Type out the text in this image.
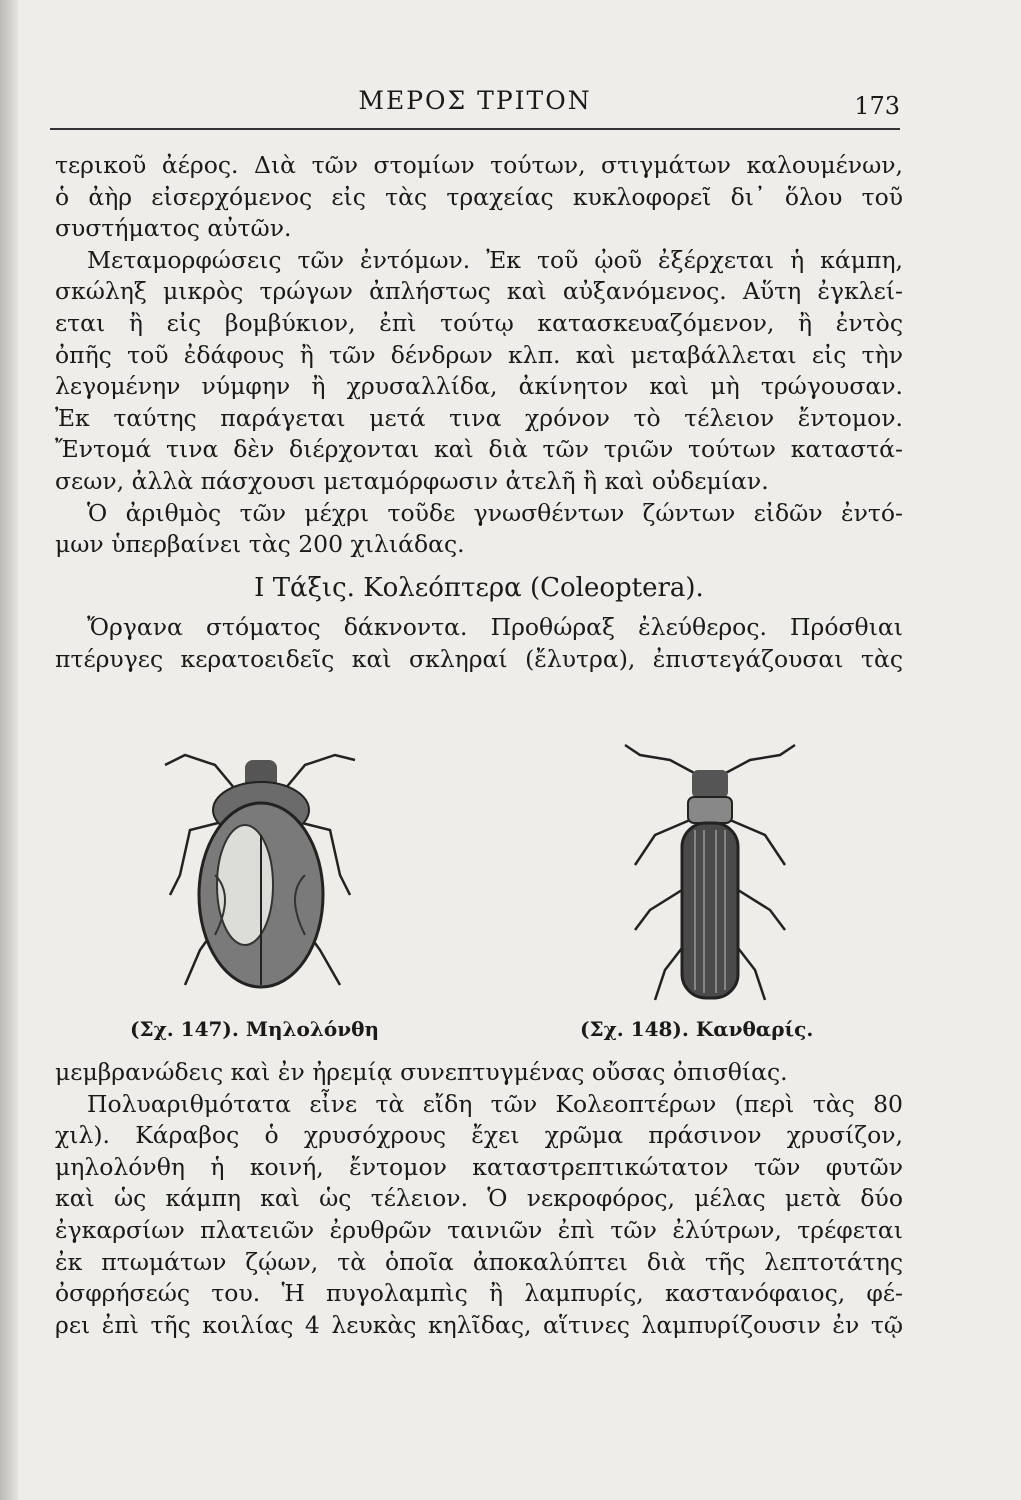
ΜΕΡΟΣ ΤΡΙΤΟΝ	173
τερικοῦ ἀέρος. Διὰ τῶν στομίων τούτων, στιγμάτων καλουμένων,
ὁ ἀὴρ εἰσερχόμενος εἰς τὰς τραχείας κυκλοφορεῖ δι᾽ ὅλου τοῦ
συστήματος αὐτῶν.
Μεταμορφώσεις τῶν ἐντόμων. Ἐκ τοῦ ᾠοῦ ἐξέρχεται ἡ κάμπη,
σκώληξ μικρὸς τρώγων ἀπλήστως καὶ αὐξανόμενος. Αὕτη ἐγκλεί-
εται ἢ εἰς βομβύκιον, ἐπὶ τούτῳ κατασκευαζόμενον, ἢ ἐντὸς
ὀπῆς τοῦ ἐδάφους ἢ τῶν δένδρων κλπ. καὶ μεταβάλλεται εἰς τὴν
λεγομένην νύμφην ἢ χρυσαλλίδα, ἀκίνητον καὶ μὴ τρώγουσαν.
Ἐκ ταύτης παράγεται μετά τινα χρόνον τὸ τέλειον ἔντομον.
Ἔντομά τινα δὲν διέρχονται καὶ διὰ τῶν τριῶν τούτων καταστά-
σεων, ἀλλὰ πάσχουσι μεταμόρφωσιν ἀτελῆ ἢ καὶ οὐδεμίαν.
Ὁ ἀριθμὸς τῶν μέχρι τοῦδε γνωσθέντων ζώντων εἰδῶν ἐντό-
μων ὑπερβαίνει τὰς 200 χιλιάδας.
Ι Τάξις. Κολεόπτερα (Coleoptera).
Ὄργανα στόματος δάκνοντα. Προθώραξ ἐλεύθερος. Πρόσθιαι
πτέρυγες κερατοειδεῖς καὶ σκληραί (ἔλυτρα), ἐπιστεγάζουσαι τὰς
(Σχ. 147). Μηλολόνθη	(Σχ. 148). Κανθαρίς.
μεμβρανώδεις καὶ ἐν ἠρεμίᾳ συνεπτυγμένας οὔσας ὀπισθίας.
Πολυαριθμότατα εἶνε τὰ εἴδη τῶν Κολεοπτέρων (περὶ τὰς 80
χιλ). Κάραβος ὁ χρυσόχρους ἔχει χρῶμα πράσινον χρυσίζον,
μηλολόνθη ἡ κοινή, ἔντομον καταστρεπτικώτατον τῶν φυτῶν
καὶ ὡς κάμπη καὶ ὡς τέλειον. Ὁ νεκροφόρος, μέλας μετὰ δύο
ἐγκαρσίων πλατειῶν ἐρυθρῶν ταινιῶν ἐπὶ τῶν ἐλύτρων, τρέφεται
ἐκ πτωμάτων ζῴων, τὰ ὁποῖα ἀποκαλύπτει διὰ τῆς λεπτοτάτης
ὀσφρήσεώς του. Ἡ πυγολαμπὶς ἢ λαμπυρίς, καστανόφαιος, φέ-
ρει ἐπὶ τῆς κοιλίας 4 λευκὰς κηλῖδας, αἵτινες λαμπυρίζουσιν ἐν τῷ
